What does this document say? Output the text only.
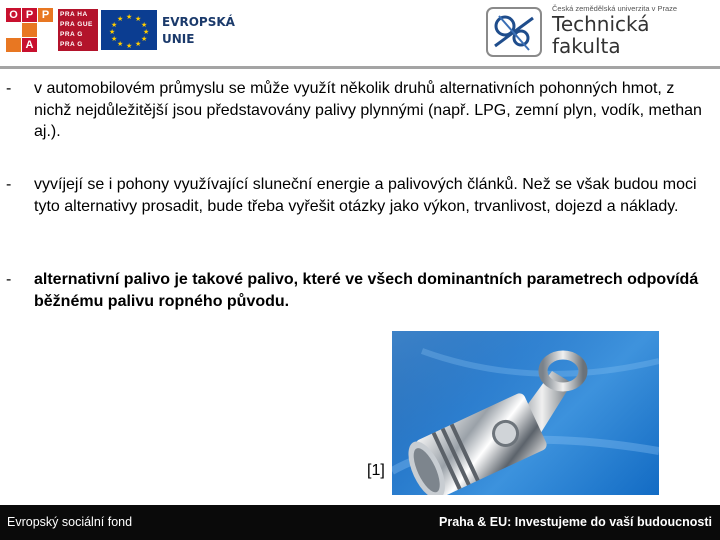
O P P
A
PRA HA
PRA GUE
PRA G
PRA G
★ ★
★
★
★
★
★
★
★
★
★
★	EVROPSKÁ
UNIE
Česká zemědělská univerzita v Praze
Technická
fakulta
- v automobilovém průmyslu se může využít několik druhů alternativních pohonných hmot, z nichž nejdůležitější jsou představovány palivy plynnými (např. LPG, zemní plyn, vodík, methan aj.).
- vyvíjejí se i pohony využívající sluneční energie a palivových článků. Než se však budou moci tyto alternativy prosadit, bude třeba vyřešit otázky jako výkon, trvanlivost, dojezd a náklady.
- alternativní palivo je takové palivo, které ve všech dominantních parametrech odpovídá běžnému palivu ropného původu.
[1]
Evropský sociální fond	Praha & EU: Investujeme do vaší budoucnosti
